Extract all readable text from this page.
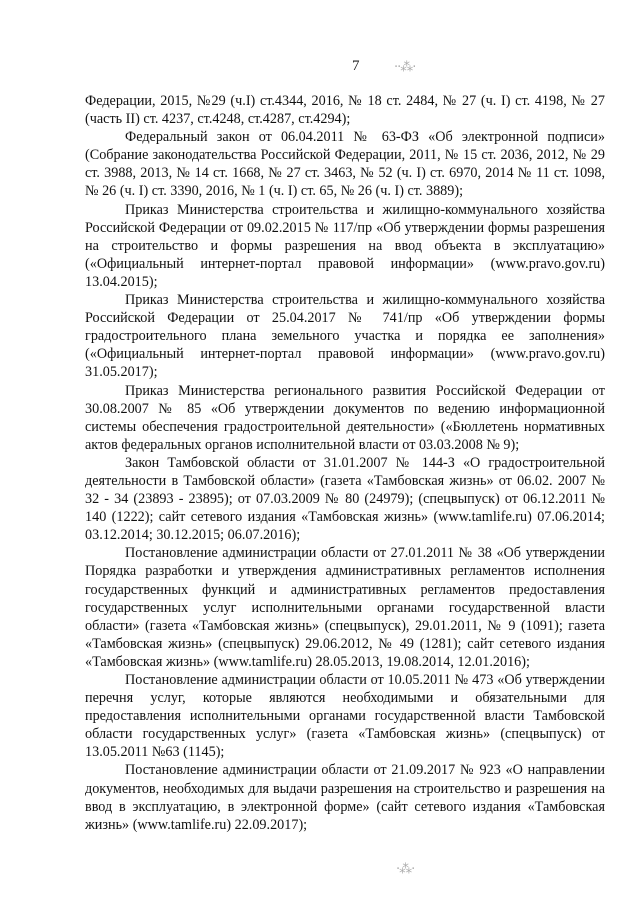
7	·‧⁂·

Федерации, 2015, №29 (ч.I) ст.4344, 2016, № 18 ст. 2484, № 27 (ч. I) ст. 4198, № 27 (часть II) ст. 4237, ст.4248, ст.4287, ст.4294);

Федеральный закон от 06.04.2011 № 63-ФЗ «Об электронной подписи» (Собрание законодательства Российской Федерации, 2011, № 15 ст. 2036, 2012, № 29 ст. 3988, 2013, № 14 ст. 1668, № 27 ст. 3463, № 52 (ч. I) ст. 6970, 2014 № 11 ст. 1098, № 26 (ч. I) ст. 3390, 2016, № 1 (ч. I) ст. 65, № 26 (ч. I) ст. 3889);

Приказ Министерства строительства и жилищно-коммунального хозяйства Российской Федерации от 09.02.2015 № 117/пр «Об утверждении формы разрешения на строительство и формы разрешения на ввод объекта в эксплуатацию» («Официальный интернет-портал правовой информации» (www.pravo.gov.ru) 13.04.2015);

Приказ Министерства строительства и жилищно-коммунального хозяйства Российской Федерации от 25.04.2017 № 741/пр «Об утверждении формы градостроительного плана земельного участка и порядка ее заполнения» («Официальный интернет-портал правовой информации» (www.pravo.gov.ru) 31.05.2017);

Приказ Министерства регионального развития Российской Федерации от 30.08.2007 № 85 «Об утверждении документов по ведению информационной системы обеспечения градостроительной деятельности» («Бюллетень нормативных актов федеральных органов исполнительной власти от 03.03.2008 № 9);

Закон Тамбовской области от 31.01.2007 № 144-З «О градостроительной деятельности в Тамбовской области» (газета «Тамбовская жизнь» от 06.02. 2007 № 32 - 34 (23893 - 23895); от 07.03.2009 № 80 (24979); (спецвыпуск) от 06.12.2011 № 140 (1222); сайт сетевого издания «Тамбовская жизнь» (www.tamlife.ru) 07.06.2014; 03.12.2014; 30.12.2015; 06.07.2016);

Постановление администрации области от 27.01.2011 № 38 «Об утверждении Порядка разработки и утверждения административных регламентов исполнения государственных функций и административных регламентов предоставления государственных услуг исполнительными органами государственной власти области» (газета «Тамбовская жизнь» (спецвыпуск), 29.01.2011, № 9 (1091); газета «Тамбовская жизнь» (спецвыпуск) 29.06.2012, № 49 (1281); сайт сетевого издания «Тамбовская жизнь» (www.tamlife.ru) 28.05.2013, 19.08.2014, 12.01.2016);

Постановление администрации области от 10.05.2011 № 473 «Об утверждении перечня услуг, которые являются необходимыми и обязательными для предоставления исполнительными органами государственной власти Тамбовской области государственных услуг» (газета «Тамбовская жизнь» (спецвыпуск) от 13.05.2011 №63 (1145);

Постановление администрации области от 21.09.2017 № 923 «О направлении документов, необходимых для выдачи разрешения на строительство и разрешения на ввод в эксплуатацию, в электронной форме» (сайт сетевого издания «Тамбовская жизнь» (www.tamlife.ru) 22.09.2017);

‧⁂‧
